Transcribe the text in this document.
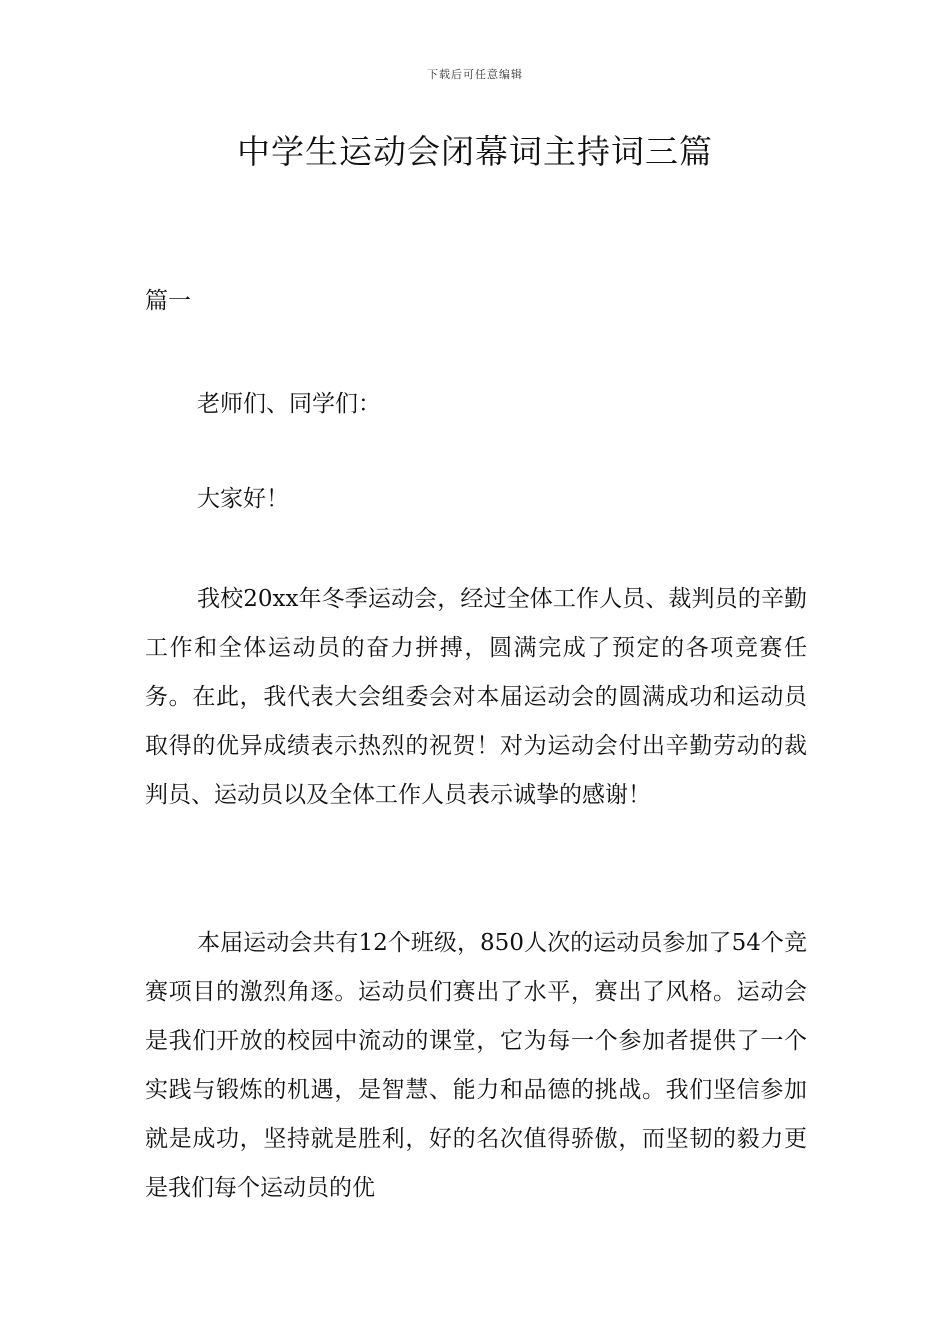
下载后可任意编辑
中学生运动会闭幕词主持词三篇
篇一

老师们、同学们：

大家好！

我校20xx年冬季运动会，经过全体工作人员、裁判员的辛勤工作和全体运动员的奋力拼搏，圆满完成了预定的各项竞赛任务。在此，我代表大会组委会对本届运动会的圆满成功和运动员取得的优异成绩表示热烈的祝贺！对为运动会付出辛勤劳动的裁判员、运动员以及全体工作人员表示诚挚的感谢！

本届运动会共有12个班级，850人次的运动员参加了54个竞赛项目的激烈角逐。运动员们赛出了水平，赛出了风格。运动会是我们开放的校园中流动的课堂，它为每一个参加者提供了一个实践与锻炼的机遇，是智慧、能力和品德的挑战。我们坚信参加就是成功，坚持就是胜利，好的名次值得骄傲，而坚韧的毅力更是我们每个运动员的优
